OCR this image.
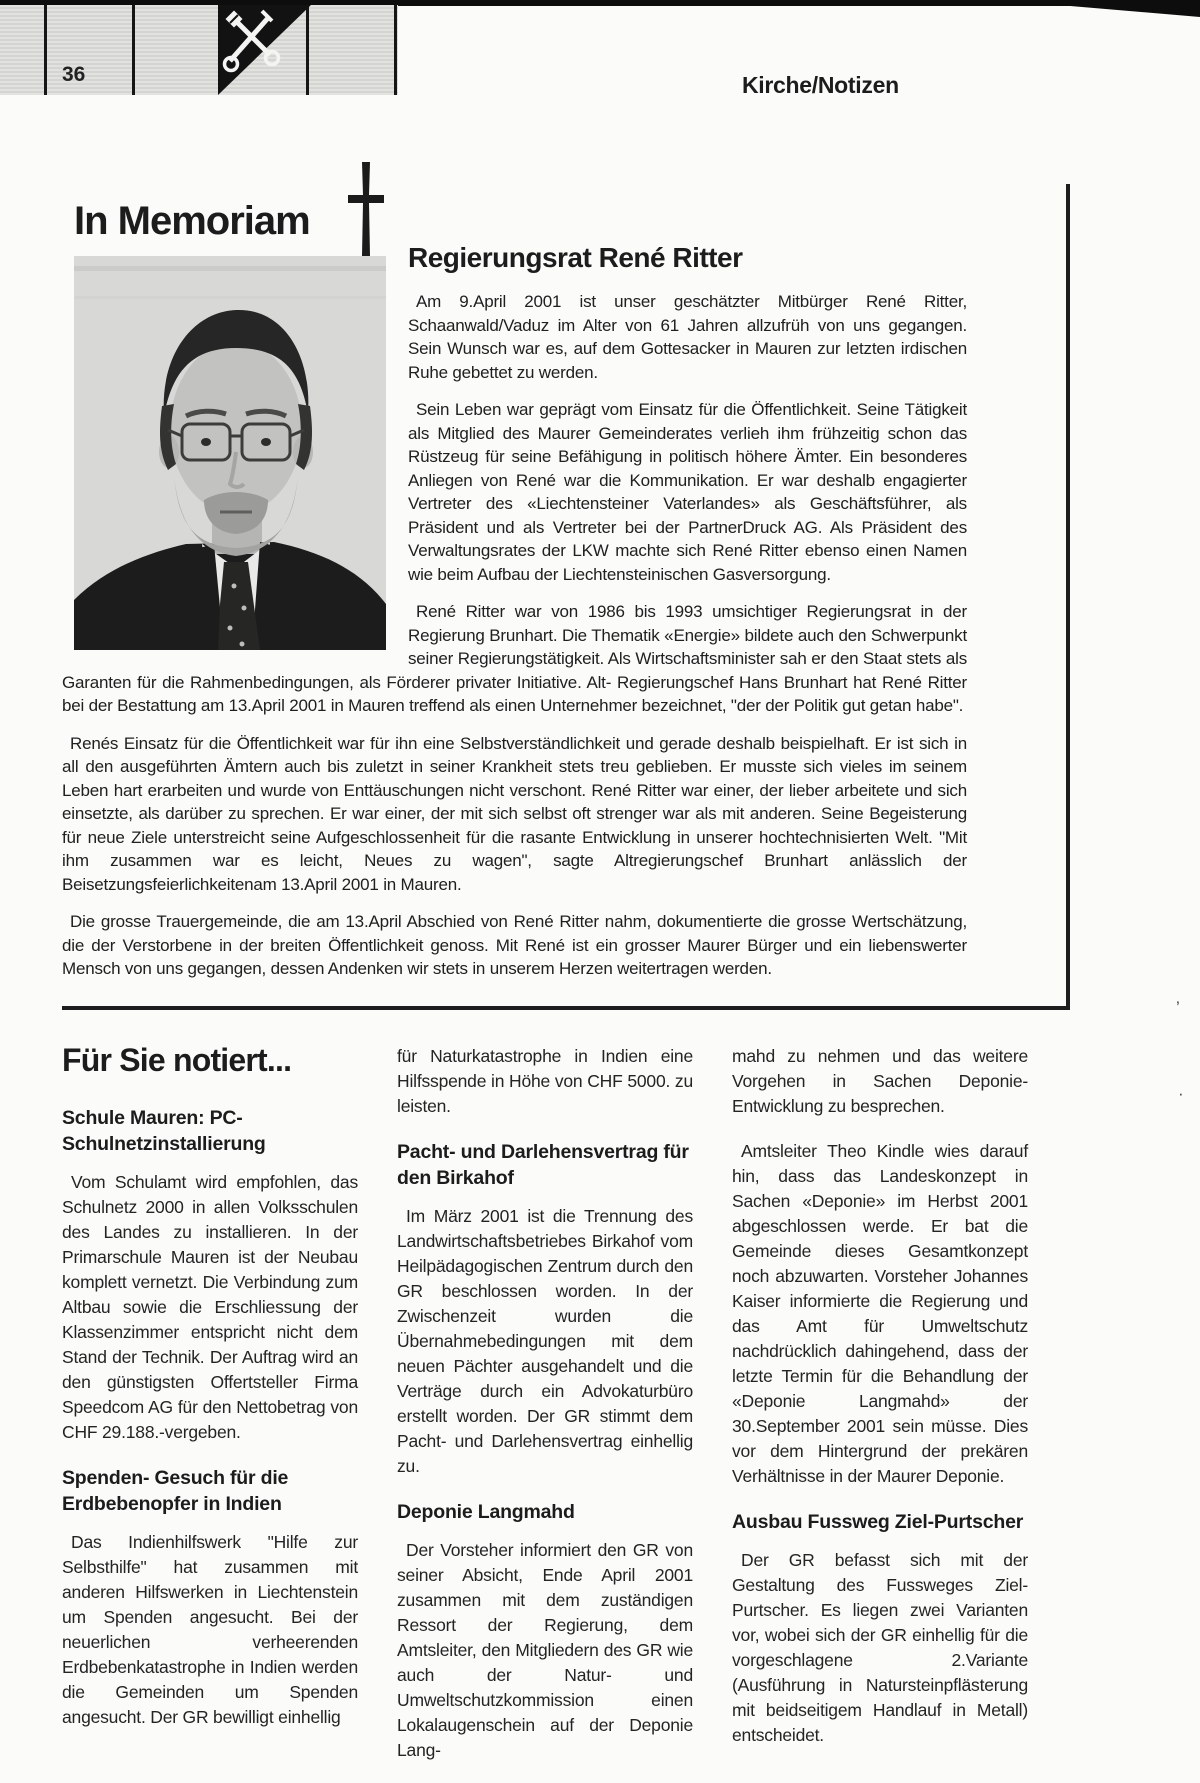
36	Kirche/Notizen
In Memoriam
Regierungsrat René Ritter

Am 9.April 2001 ist unser geschätzter Mitbürger René Ritter, Schaanwald/Vaduz im Alter von 61 Jahren allzufrüh von uns gegangen. Sein Wunsch war es, auf dem Gottesacker in Mauren zur letzten irdischen Ruhe gebettet zu werden.

Sein Leben war geprägt vom Einsatz für die Öffentlichkeit. Seine Tätigkeit als Mitglied des Maurer Gemeinderates verlieh ihm frühzeitig schon das Rüstzeug für seine Befähigung in politisch höhere Ämter. Ein besonderes Anliegen von René war die Kommunikation. Er war deshalb engagierter Vertreter des «Liechtensteiner Vaterlandes» als Geschäftsführer, als Präsident und als Vertreter bei der PartnerDruck AG. Als Präsident des Verwaltungsrates der LKW machte sich René Ritter ebenso einen Namen wie beim Aufbau der Liechtensteinischen Gasversorgung.

René Ritter war von 1986 bis 1993 umsichtiger Regierungsrat in der Regierung Brunhart. Die Thematik «Energie» bildete auch den Schwerpunkt seiner Regierungstätigkeit. Als Wirtschaftsminister sah er den Staat stets als Garanten für die Rahmenbedingungen, als Förderer privater Initiative. Alt- Regierungschef Hans Brunhart hat René Ritter bei der Bestattung am 13.April 2001 in Mauren treffend als einen Unternehmer bezeichnet, "der der Politik gut getan habe".

Renés Einsatz für die Öffentlichkeit war für ihn eine Selbstverständlichkeit und gerade deshalb beispielhaft. Er ist sich in all den ausgeführten Ämtern auch bis zuletzt in seiner Krankheit stets treu geblieben. Er musste sich vieles im seinem Leben hart erarbeiten und wurde von Enttäuschungen nicht verschont. René Ritter war einer, der lieber arbeitete und sich einsetzte, als darüber zu sprechen. Er war einer, der mit sich selbst oft strenger war als mit anderen. Seine Begeisterung für neue Ziele unterstreicht seine Aufgeschlossenheit für die rasante Entwicklung in unserer hochtechnisierten Welt. "Mit ihm zusammen war es leicht, Neues zu wagen", sagte Altregierungschef Brunhart anlässlich der Beisetzungsfeierlichkeitenam 13.April 2001 in Mauren.

Die grosse Trauergemeinde, die am 13.April Abschied von René Ritter nahm, dokumentierte die grosse Wertschätzung, die der Verstorbene in der breiten Öffentlichkeit genoss. Mit René ist ein grosser Maurer Bürger und ein liebenswerter Mensch von uns gegangen, dessen Andenken wir stets in unserem Herzen weitertragen werden.

Für Sie notiert...
Schule Mauren: PC-Schulnetzinstallierung

Vom Schulamt wird empfohlen, das Schulnetz 2000 in allen Volksschulen des Landes zu installieren. In der Primarschule Mauren ist der Neubau komplett vernetzt. Die Verbindung zum Altbau sowie die Erschliessung der Klassenzimmer entspricht nicht dem Stand der Technik. Der Auftrag wird an den günstigsten Offertsteller Firma Speedcom AG für den Nettobetrag von CHF 29.188.-vergeben.

Spenden- Gesuch für die Erdbebenopfer in Indien

Das Indienhilfswerk "Hilfe zur Selbsthilfe" hat zusammen mit anderen Hilfswerken in Liechtenstein um Spenden angesucht. Bei der neuerlichen verheerenden Erdbebenkatastrophe in Indien werden die Gemeinden um Spenden angesucht. Der GR bewilligt einhellig

für Naturkatastrophe in Indien eine Hilfsspende in Höhe von CHF 5000. zu leisten.

Pacht- und Darlehensvertrag für den Birkahof

Im März 2001 ist die Trennung des Landwirtschaftsbetriebes Birkahof vom Heilpädagogischen Zentrum durch den GR beschlossen worden. In der Zwischenzeit wurden die Übernahmebedingungen mit dem neuen Pächter ausgehandelt und die Verträge durch ein Advokaturbüro erstellt worden. Der GR stimmt dem Pacht- und Darlehensvertrag einhellig zu.

Deponie Langmahd

Der Vorsteher informiert den GR von seiner Absicht, Ende April 2001 zusammen mit dem zuständigen Ressort der Regierung, dem Amtsleiter, den Mitgliedern des GR wie auch der Natur- und Umweltschutzkommission einen Lokalaugenschein auf der Deponie Lang-

mahd zu nehmen und das weitere Vorgehen in Sachen Deponie- Entwicklung zu besprechen.

Amtsleiter Theo Kindle wies darauf hin, dass das Landeskonzept in Sachen «Deponie» im Herbst 2001 abgeschlossen werde. Er bat die Gemeinde dieses Gesamtkonzept noch abzuwarten. Vorsteher Johannes Kaiser informierte die Regierung und das Amt für Umweltschutz nachdrücklich dahingehend, dass der letzte Termin für die Behandlung der «Deponie Langmahd» der 30.September 2001 sein müsse. Dies vor dem Hintergrund der prekären Verhältnisse in der Maurer Deponie.

Ausbau Fussweg Ziel-Purtscher

Der GR befasst sich mit der Gestaltung des Fussweges Ziel- Purtscher. Es liegen zwei Varianten vor, wobei sich der GR einhellig für die vorgeschlagene 2.Variante (Ausführung in Natursteinpflästerung mit beidseitigem Handlauf in Metall) entscheidet.

’
·
